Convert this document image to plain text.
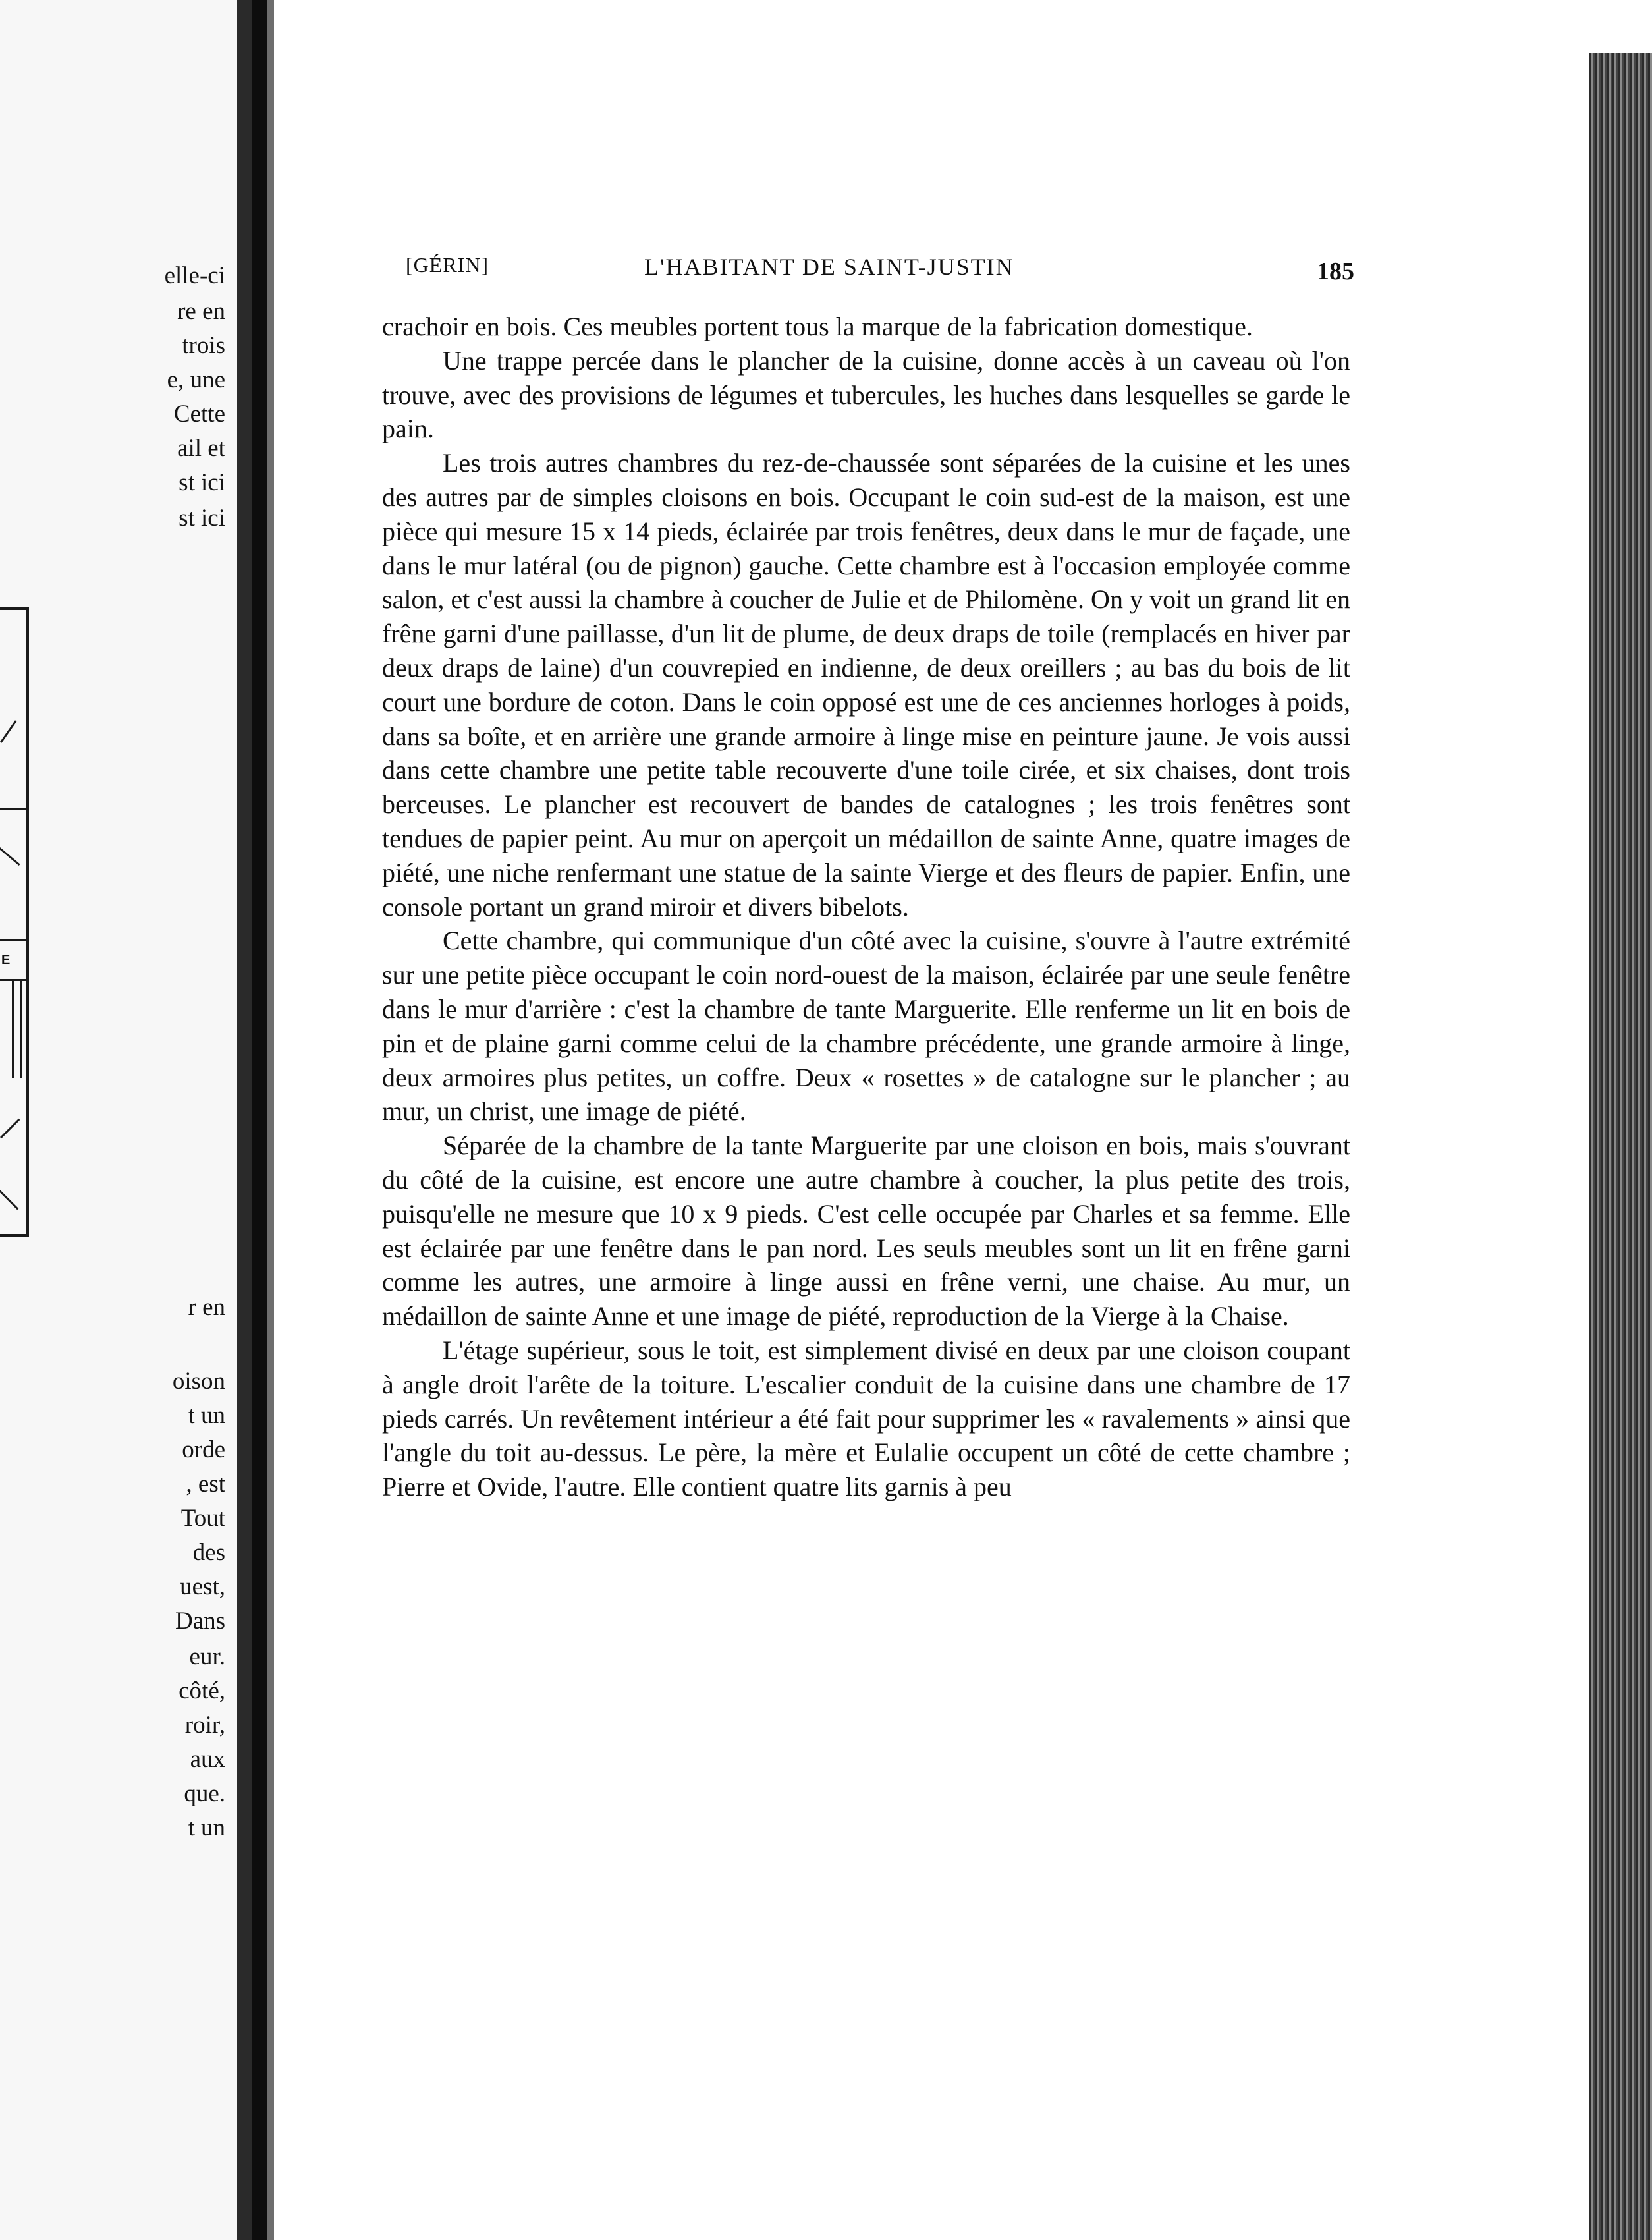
elle-ci

re en

trois

e, une

Cette

ail et

st ici

st ici

E

r en

oison

t un

orde

, est

Tout

des

uest,

Dans

eur.

côté,

roir,

aux

que.

t un

[GÉRIN]	L'HABITANT DE SAINT-JUSTIN	185

crachoir en bois. Ces meubles portent tous la marque de la fabrication domestique.

Une trappe percée dans le plancher de la cuisine, donne accès à un caveau où l'on trouve, avec des provisions de légumes et tubercules, les huches dans lesquelles se garde le pain.

Les trois autres chambres du rez-de-chaussée sont séparées de la cuisine et les unes des autres par de simples cloisons en bois. Occupant le coin sud-est de la maison, est une pièce qui mesure 15 x 14 pieds, éclairée par trois fenêtres, deux dans le mur de façade, une dans le mur latéral (ou de pignon) gauche. Cette chambre est à l'occasion employée comme salon, et c'est aussi la chambre à coucher de Julie et de Philomène. On y voit un grand lit en frêne garni d'une paillasse, d'un lit de plume, de deux draps de toile (remplacés en hiver par deux draps de laine) d'un couvrepied en indienne, de deux oreillers ; au bas du bois de lit court une bordure de coton. Dans le coin opposé est une de ces anciennes horloges à poids, dans sa boîte, et en arrière une grande armoire à linge mise en peinture jaune. Je vois aussi dans cette chambre une petite table recouverte d'une toile cirée, et six chaises, dont trois berceuses. Le plancher est recouvert de bandes de catalognes ; les trois fenêtres sont tendues de papier peint. Au mur on aperçoit un médaillon de sainte Anne, quatre images de piété, une niche renfermant une statue de la sainte Vierge et des fleurs de papier. Enfin, une console portant un grand miroir et divers bibelots.

Cette chambre, qui communique d'un côté avec la cuisine, s'ouvre à l'autre extrémité sur une petite pièce occupant le coin nord-ouest de la maison, éclairée par une seule fenêtre dans le mur d'arrière : c'est la chambre de tante Marguerite. Elle renferme un lit en bois de pin et de plaine garni comme celui de la chambre précédente, une grande armoire à linge, deux armoires plus petites, un coffre. Deux « rosettes » de catalogne sur le plancher ; au mur, un christ, une image de piété.

Séparée de la chambre de la tante Marguerite par une cloison en bois, mais s'ouvrant du côté de la cuisine, est encore une autre chambre à coucher, la plus petite des trois, puisqu'elle ne mesure que 10 x 9 pieds. C'est celle occupée par Charles et sa femme. Elle est éclairée par une fenêtre dans le pan nord. Les seuls meubles sont un lit en frêne garni comme les autres, une armoire à linge aussi en frêne verni, une chaise. Au mur, un médaillon de sainte Anne et une image de piété, reproduction de la Vierge à la Chaise.

L'étage supérieur, sous le toit, est simplement divisé en deux par une cloison coupant à angle droit l'arête de la toiture. L'escalier conduit de la cuisine dans une chambre de 17 pieds carrés. Un revêtement intérieur a été fait pour supprimer les « ravalements » ainsi que l'angle du toit au-dessus. Le père, la mère et Eulalie occupent un côté de cette chambre ; Pierre et Ovide, l'autre. Elle contient quatre lits garnis à peu
